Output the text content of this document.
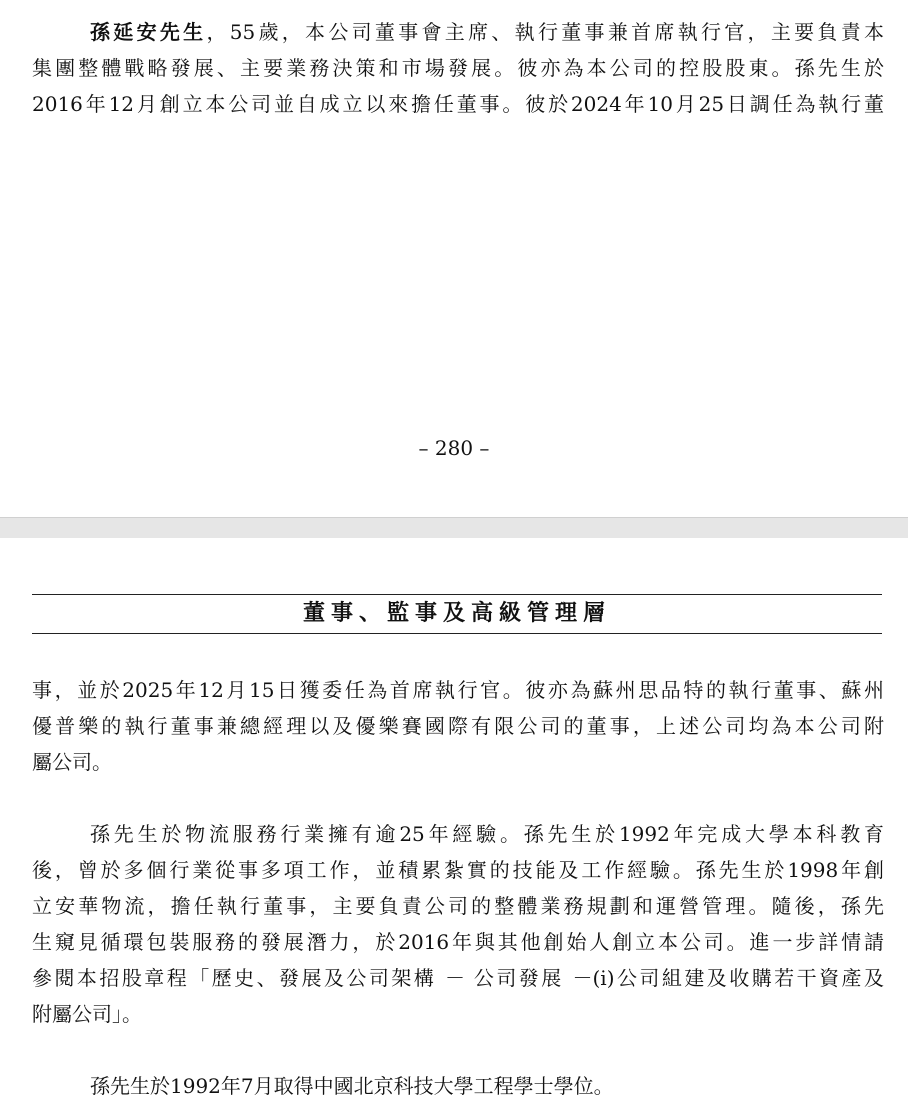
孫延安先生，55歲，本公司董事會主席、執行董事兼首席執行官，主要負責本
集團整體戰略發展、主要業務決策和市場發展。彼亦為本公司的控股股東。孫先生於
2016年12月創立本公司並自成立以來擔任董事。彼於2024年10月25日調任為執行董
– 280 –
董事、監事及高級管理層
事，並於2025年12月15日獲委任為首席執行官。彼亦為蘇州思品特的執行董事、蘇州
優普樂的執行董事兼總經理以及優樂賽國際有限公司的董事，上述公司均為本公司附
屬公司。
孫先生於物流服務行業擁有逾25年經驗。孫先生於1992年完成大學本科教育
後，曾於多個行業從事多項工作，並積累紮實的技能及工作經驗。孫先生於1998年創
立安華物流，擔任執行董事，主要負責公司的整體業務規劃和運營管理。隨後，孫先
生窺見循環包裝服務的發展潛力，於2016年與其他創始人創立本公司。進一步詳情請
參閱本招股章程「歷史、發展及公司架構 － 公司發展 －(i)公司組建及收購若干資產及
附屬公司」。
孫先生於1992年7月取得中國北京科技大學工程學士學位。
